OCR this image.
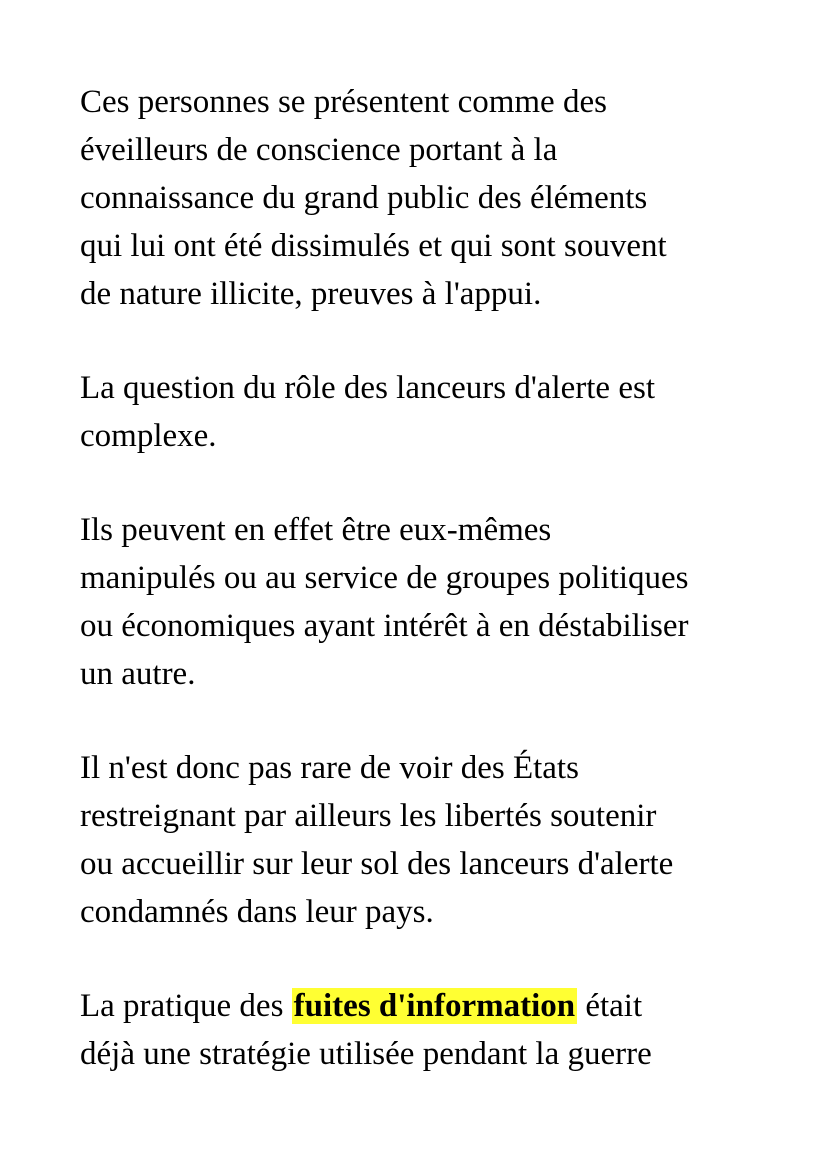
Ces personnes se présentent comme des
éveilleurs de conscience portant à la
connaissance du grand public des éléments
qui lui ont été dissimulés et qui sont souvent
de nature illicite, preuves à l'appui.

La question du rôle des lanceurs d'alerte est
complexe.

Ils peuvent en effet être eux-mêmes
manipulés ou au service de groupes politiques
ou économiques ayant intérêt à en déstabiliser
un autre.

Il n'est donc pas rare de voir des États
restreignant par ailleurs les libertés soutenir
ou accueillir sur leur sol des lanceurs d'alerte
condamnés dans leur pays.

La pratique des fuites d'information était
déjà une stratégie utilisée pendant la guerre
